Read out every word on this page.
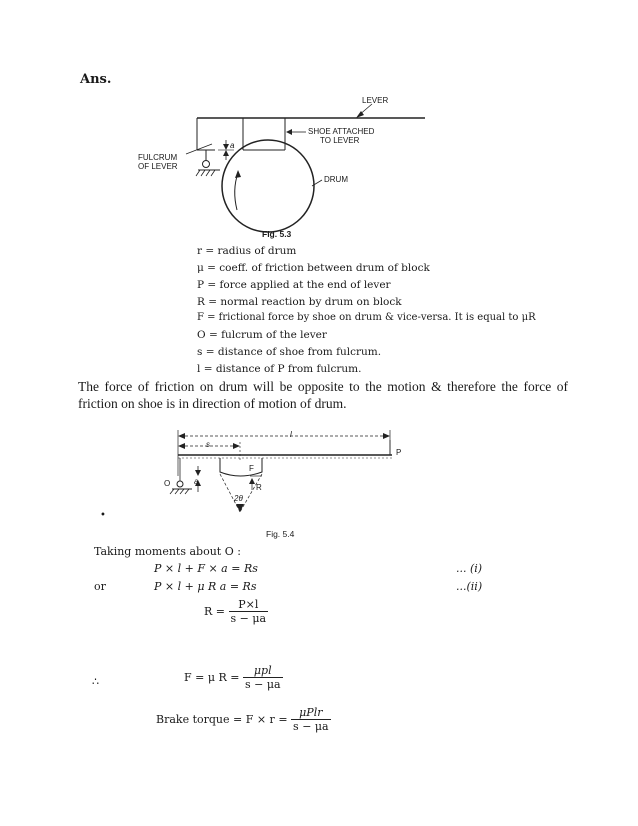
Ans.
LEVER
SHOE ATTACHED
TO LEVER
FULCRUM
OF LEVER
DRUM
a
Fig. 5.3
r = radius of drum
μ = coeff. of friction between drum of block
P = force applied at the end of lever
R = normal reaction by drum on block
F = frictional force by shoe on drum & vice-versa. It is equal to μR
O = fulcrum of the lever
s = distance of shoe from fulcrum.
l = distance of P from fulcrum.
The force of friction on drum will be opposite to the motion & therefore the force of friction on shoe is in direction of motion of drum.
s
l
P
O	a
F
R
2θ
•
Fig. 5.4
Taking moments about O :
P × l + F × a = Rs	... (i)
or	P × l + μ R a = Rs	...(ii)
$R = \frac{P\times l}{s - \mu a}$
∴	F = μ $R = \frac{\text{μpl}}{s - \mu a}$
Brake torque = $F \times r = \frac{\text{μPlr}}{s - \mu a}$
